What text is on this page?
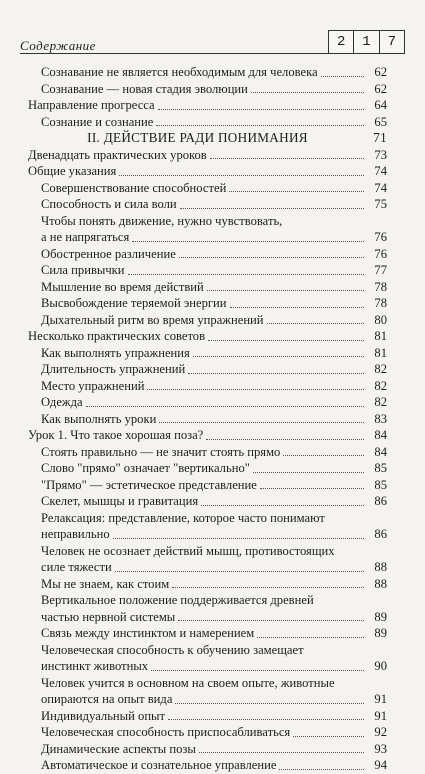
Содержание	2	1	7
Сознавание не является необходимым для человека	62
Сознавание — новая стадия эволюции	62
Направление прогресса	64
Сознание и сознание	65
II. ДЕЙСТВИЕ РАДИ ПОНИМАНИЯ	71
Двенадцать практических уроков	73
Общие указания	74
Совершенствование способностей	74
Способность и сила воли	75
Чтобы понять движение, нужно чувствовать,
а не напрягаться	76
Обостренное различение	76
Сила привычки	77
Мышление во время действий	78
Высвобождение теряемой энергии	78
Дыхательный ритм во время упражнений	80
Несколько практических советов	81
Как выполнять упражнения	81
Длительность упражнений	82
Место упражнений	82
Одежда	82
Как выполнять уроки	83
Урок 1. Что такое хорошая поза?	84
Стоять правильно — не значит стоять прямо	84
Слово "прямо" означает "вертикально"	85
"Прямо" — эстетическое представление	85
Скелет, мышцы и гравитация	86
Релаксация: представление, которое часто понимают
неправильно	86
Человек не осознает действий мышц, противостоящих
силе тяжести	88
Мы не знаем, как стоим	88
Вертикальное положение поддерживается древней
частью нервной системы	89
Связь между инстинктом и намерением	89
Человеческая способность к обучению замещает
инстинкт животных	90
Человек учится в основном на своем опыте, животные
опираются на опыт вида	91
Индивидуальный опыт	91
Человеческая способность приспосабливаться	92
Динамические аспекты позы	93
Автоматическое и сознательное управление	94
